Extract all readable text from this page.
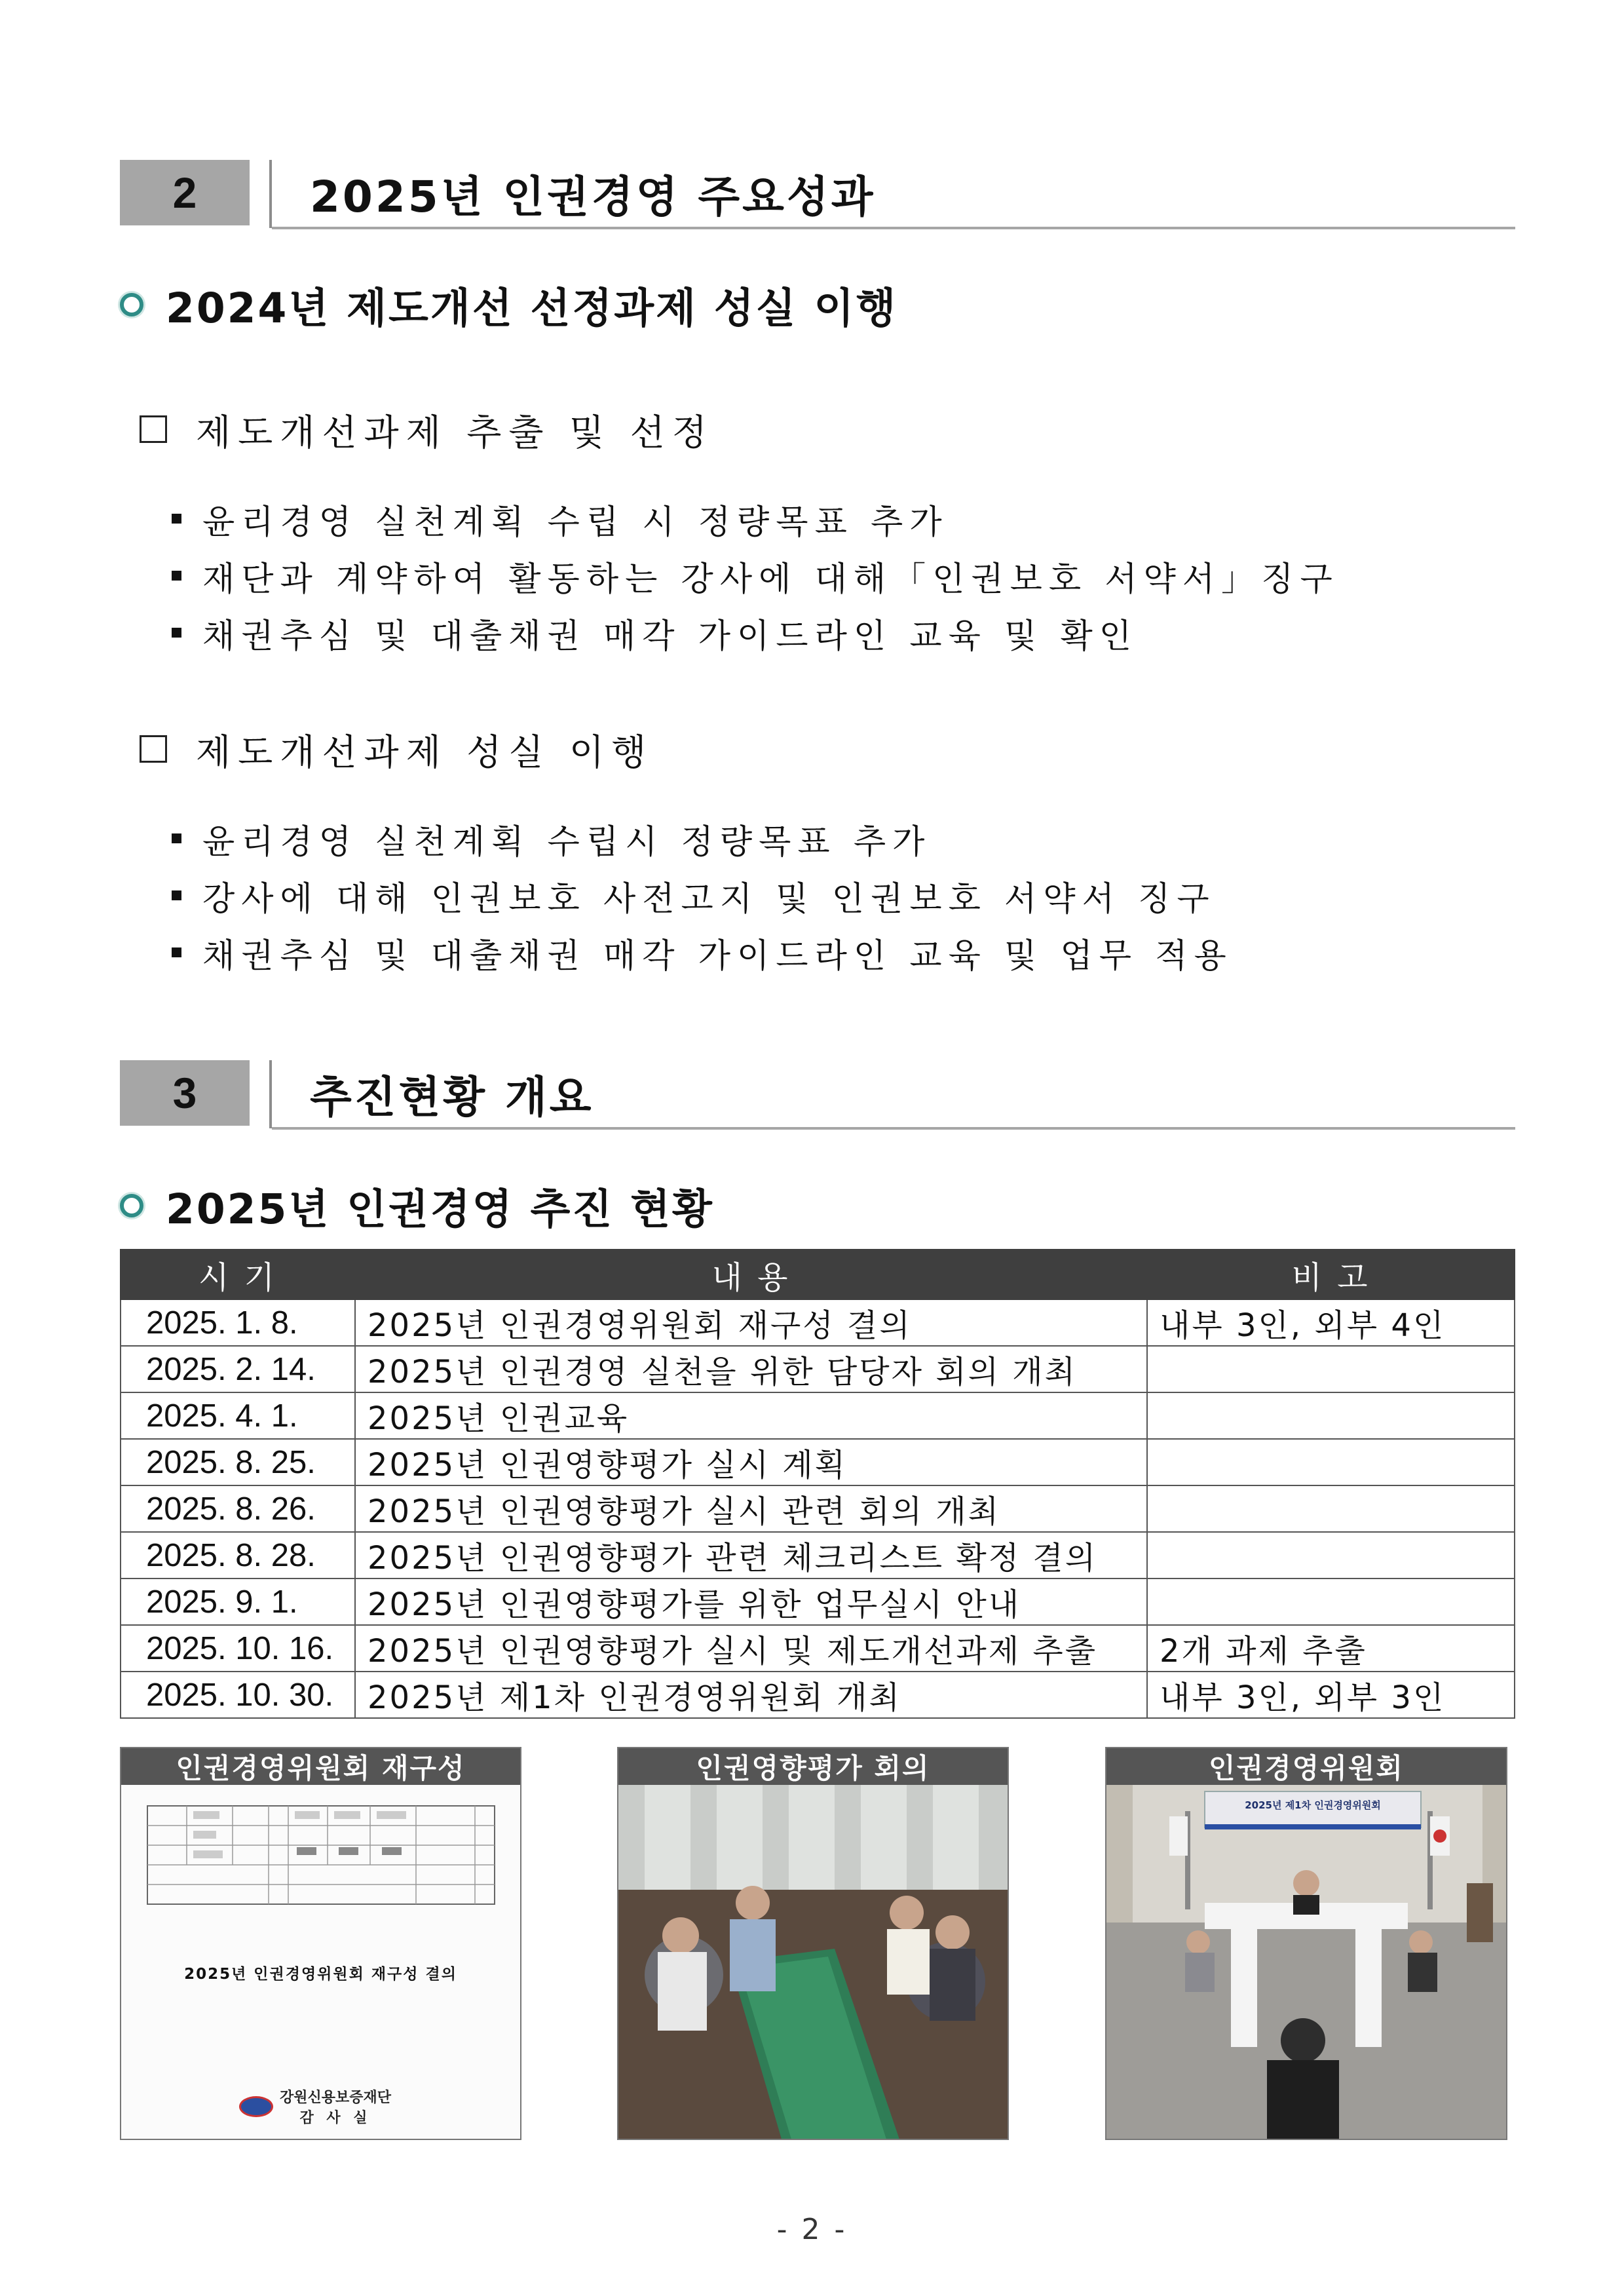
2	2025년 인권경영 주요성과
2024년 제도개선 선정과제 성실 이행
제도개선과제 추출 및 선정
윤리경영 실천계획 수립 시 정량목표 추가
재단과 계약하여 활동하는 강사에 대해「인권보호 서약서」징구
채권추심 및 대출채권 매각 가이드라인 교육 및 확인
제도개선과제 성실 이행
윤리경영 실천계획 수립시 정량목표 추가
강사에 대해 인권보호 사전고지 및 인권보호 서약서 징구
채권추심 및 대출채권 매각 가이드라인 교육 및 업무 적용
3	추진현황 개요
2025년 인권경영 추진 현황
시 기	내 용	비 고
2025. 1. 8.	2025년 인권경영위원회 재구성 결의	내부 3인, 외부 4인
2025. 2. 14.	2025년 인권경영 실천을 위한 담당자 회의 개최	
2025. 4. 1.	2025년 인권교육	
2025. 8. 25.	2025년 인권영향평가 실시 계획	
2025. 8. 26.	2025년 인권영향평가 실시 관련 회의 개최	
2025. 8. 28.	2025년 인권영향평가 관련 체크리스트 확정 결의	
2025. 9. 1.	2025년 인권영향평가를 위한 업무실시 안내	
2025. 10. 16.	2025년 인권영향평가 실시 및 제도개선과제 추출	2개 과제 추출
2025. 10. 30.	2025년 제1차 인권경영위원회 개최	내부 3인, 외부 3인
인권경영위원회 재구성
2025년 인권경영위원회 재구성 결의
강원신용보증재단
감 사 실
인권영향평가 회의	인권경영위원회
2025년 제1차 인권경영위원회
- 2 -
